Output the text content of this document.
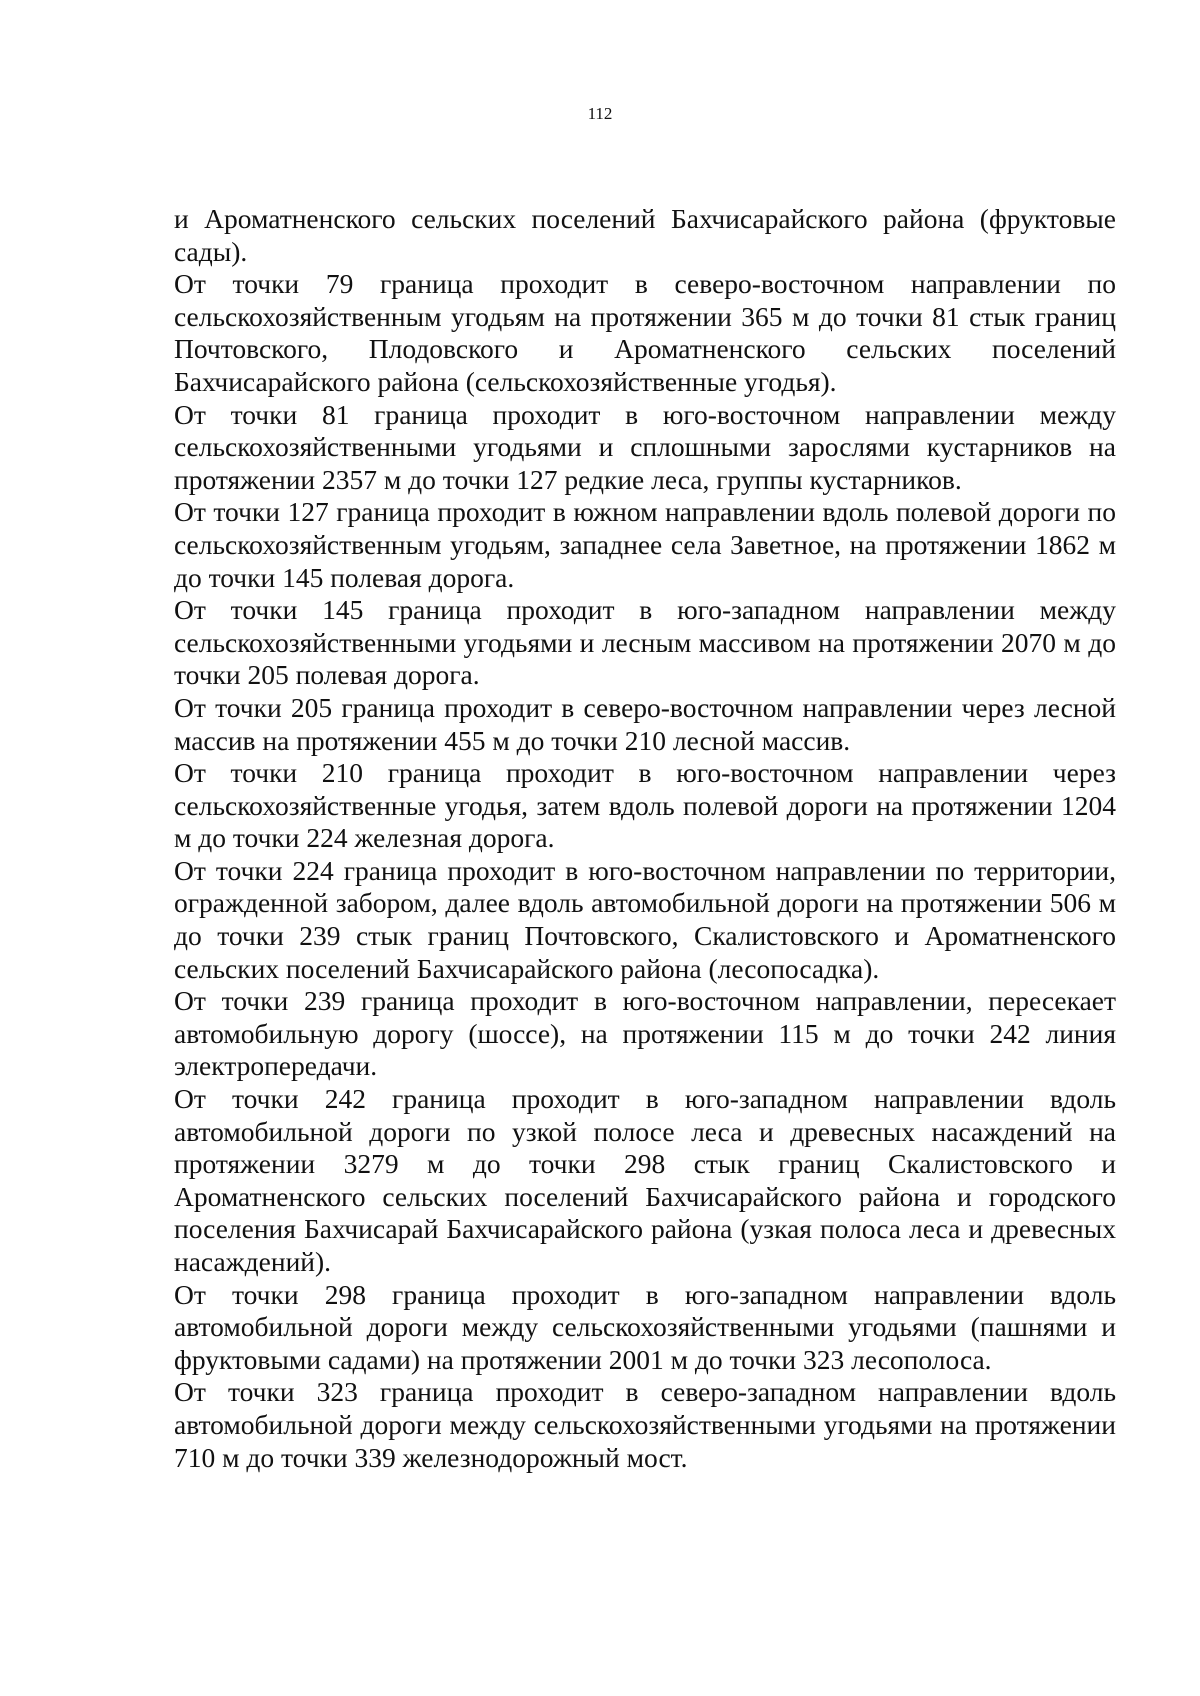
112

и Ароматненского сельских поселений Бахчисарайского района (фруктовые сады).

От точки 79 граница проходит в северо-восточном направлении по сельскохозяйственным угодьям на протяжении 365 м до точки 81 стык границ Почтовского, Плодовского и Ароматненского сельских поселений Бахчисарайского района (сельскохозяйственные угодья).

От точки 81 граница проходит в юго-восточном направлении между сельскохозяйственными угодьями и сплошными зарослями кустарников на протяжении 2357 м до точки 127 редкие леса, группы кустарников.

От точки 127 граница проходит в южном направлении вдоль полевой дороги по сельскохозяйственным угодьям, западнее села Заветное, на протяжении 1862 м до точки 145 полевая дорога.

От точки 145 граница проходит в юго-западном направлении между сельскохозяйственными угодьями и лесным массивом на протяжении 2070 м до точки 205 полевая дорога.

От точки 205 граница проходит в северо-восточном направлении через лесной массив на протяжении 455 м до точки 210 лесной массив.

От точки 210 граница проходит в юго-восточном направлении через сельскохозяйственные угодья, затем вдоль полевой дороги на протяжении 1204 м до точки 224 железная дорога.

От точки 224 граница проходит в юго-восточном направлении по территории, огражденной забором, далее вдоль автомобильной дороги на протяжении 506 м до точки 239 стык границ Почтовского, Скалистовского и Ароматненского сельских поселений Бахчисарайского района (лесопосадка).

От точки 239 граница проходит в юго-восточном направлении, пересекает автомобильную дорогу (шоссе), на протяжении 115 м до точки 242 линия электропередачи.

От точки 242 граница проходит в юго-западном направлении вдоль автомобильной дороги по узкой полосе леса и древесных насаждений на протяжении 3279 м до точки 298 стык границ Скалистовского и Ароматненского сельских поселений Бахчисарайского района и городского поселения Бахчисарай Бахчисарайского района (узкая полоса леса и древесных насаждений).

От точки 298 граница проходит в юго-западном направлении вдоль автомобильной дороги между сельскохозяйственными угодьями (пашнями и фруктовыми садами) на протяжении 2001 м до точки 323 лесополоса.

От точки 323 граница проходит в северо-западном направлении вдоль автомобильной дороги между сельскохозяйственными угодьями на протяжении 710 м до точки 339 железнодорожный мост.
